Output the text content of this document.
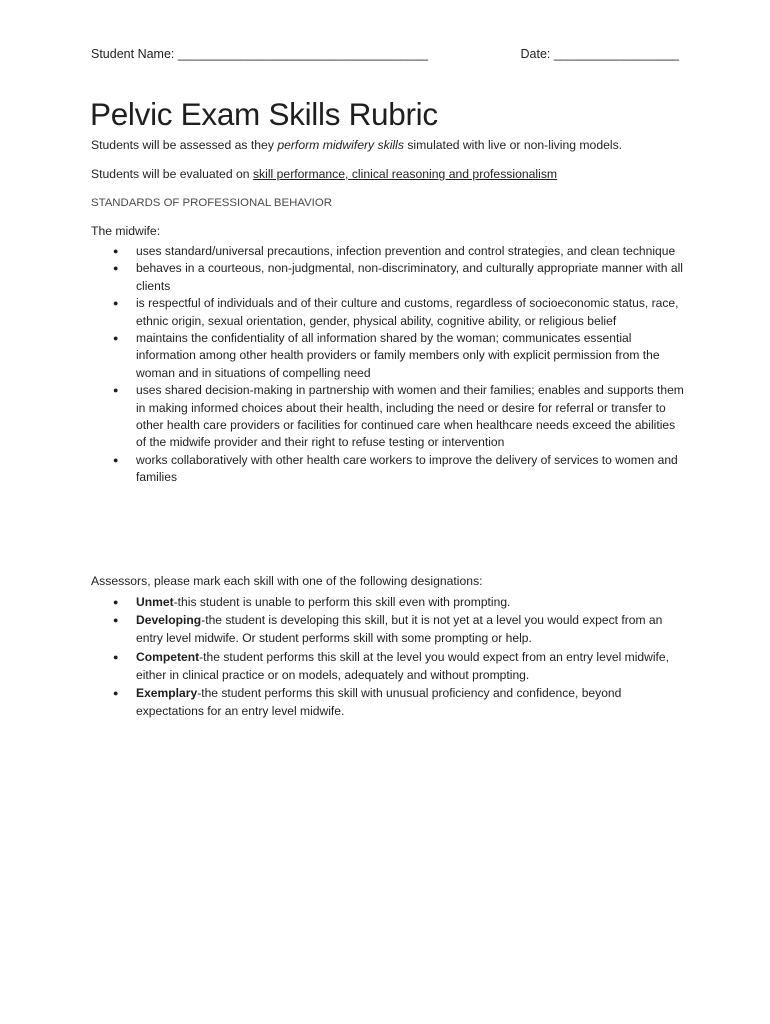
Student Name: ____________________________________	Date: __________________
Pelvic Exam Skills Rubric

Students will be assessed as they perform midwifery skills simulated with live or non-living models.

Students will be evaluated on skill performance, clinical reasoning and professionalism

STANDARDS OF PROFESSIONAL BEHAVIOR

The midwife:

● uses standard/universal precautions, infection prevention and control strategies, and clean technique
● behaves in a courteous, non-judgmental, non-discriminatory, and culturally appropriate manner with all clients
● is respectful of individuals and of their culture and customs, regardless of socioeconomic status, race, ethnic origin, sexual orientation, gender, physical ability, cognitive ability, or religious belief
● maintains the confidentiality of all information shared by the woman; communicates essential information among other health providers or family members only with explicit permission from the woman and in situations of compelling need
● uses shared decision-making in partnership with women and their families; enables and supports them in making informed choices about their health, including the need or desire for referral or transfer to other health care providers or facilities for continued care when healthcare needs exceed the abilities of the midwife provider and their right to refuse testing or intervention
● works collaboratively with other health care workers to improve the delivery of services to women and families

Assessors, please mark each skill with one of the following designations:

● Unmet-this student is unable to perform this skill even with prompting.
● Developing-the student is developing this skill, but it is not yet at a level you would expect from an entry level midwife. Or student performs skill with some prompting or help.
● Competent-the student performs this skill at the level you would expect from an entry level midwife, either in clinical practice or on models, adequately and without prompting.
● Exemplary-the student performs this skill with unusual proficiency and confidence, beyond expectations for an entry level midwife.
